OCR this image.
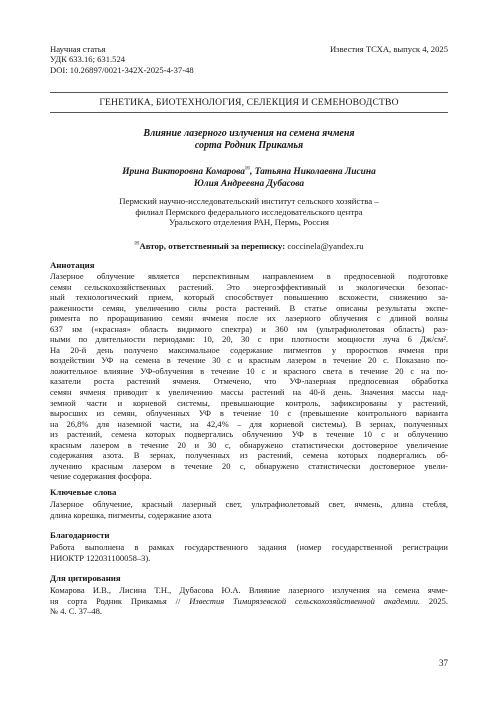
Научная статья
УДК 633.16; 631.524
DOI: 10.26897/0021-342X-2025-4-37-48
Известия ТСХА, выпуск 4, 2025
ГЕНЕТИКА, БИОТЕХНОЛОГИЯ, СЕЛЕКЦИЯ И СЕМЕНОВОДСТВО
Влияние лазерного излучения на семена ячменя
сорта Родник Прикамья
Ирина Викторовна Комарова✉, Татьяна Николаевна Лисина
Юлия Андреевна Дубасова
Пермский научно-исследовательский институт сельского хозяйства –
филиал Пермского федерального исследовательского центра
Уральского отделения РАН, Пермь, Россия
✉Автор, ответственный за переписку: coccinela@yandex.ru
Аннотация
Лазерное облучение является перспективным направлением в предпосевной подготовке
семян сельскохозяйственных растений. Это энергоэффективный и экологически безопас-
ный технологический прием, который способствует повышению всхожести, снижению за-
раженности семян, увеличению силы роста растений. В статье описаны результаты экспе-
римента по проращиванию семян ячменя после их лазерного облучения с длиной волны
637 нм («красная» область видимого спектра) и 360 нм (ультрафиолетовая область) раз-
ными по длительности периодами: 10, 20, 30 с при плотности мощности луча 6 Дж/см².
На 20-й день получено максимальное содержание пигментов у проростков ячменя при
воздействии УФ на семена в течение 30 с и красным лазером в течение 20 с. Показано по-
ложительное влияние УФ-облучения в течение 10 с и красного света в течение 20 с на по-
казатели роста растений ячменя. Отмечено, что УФ-лазерная предпосевная обработка
семян ячменя приводит к увеличению массы растений на 40-й день. Значения массы над-
земной части и корневой системы, превышающие контроль, зафиксированы у растений,
выросших из семян, облученных УФ в течение 10 с (превышение контрольного варианта
на 26,8% для наземной части, на 42,4% – для корневой системы). В зернах, полученных
из растений, семена которых подвергались облучению УФ в течение 10 с и облучению
красным лазером в течение 20 и 30 с, обнаружено статистически достоверное увеличение
содержания азота. В зернах, полученных из растений, семена которых подвергались об-
лучению красным лазером в течение 20 с, обнаружено статистически достоверное увели-
чение содержания фосфора.
Ключевые слова
Лазерное облучение, красный лазерный свет, ультрафиолетовый свет, ячмень, длина стебля,
длина корешка, пигменты, содержание азота
Благодарности
Работа выполнена в рамках государственного задания (номер государственной регистрации
НИОКТР 122031100058–3).
Для цитирования
Комарова И.В., Лисина Т.Н., Дубасова Ю.А. Влияние лазерного излучения на семена ячме-
ня сорта Родник Прикамья // Известия Тимирязевской сельскохозяйственной академии. 2025.
№ 4. С. 37–48.
37
